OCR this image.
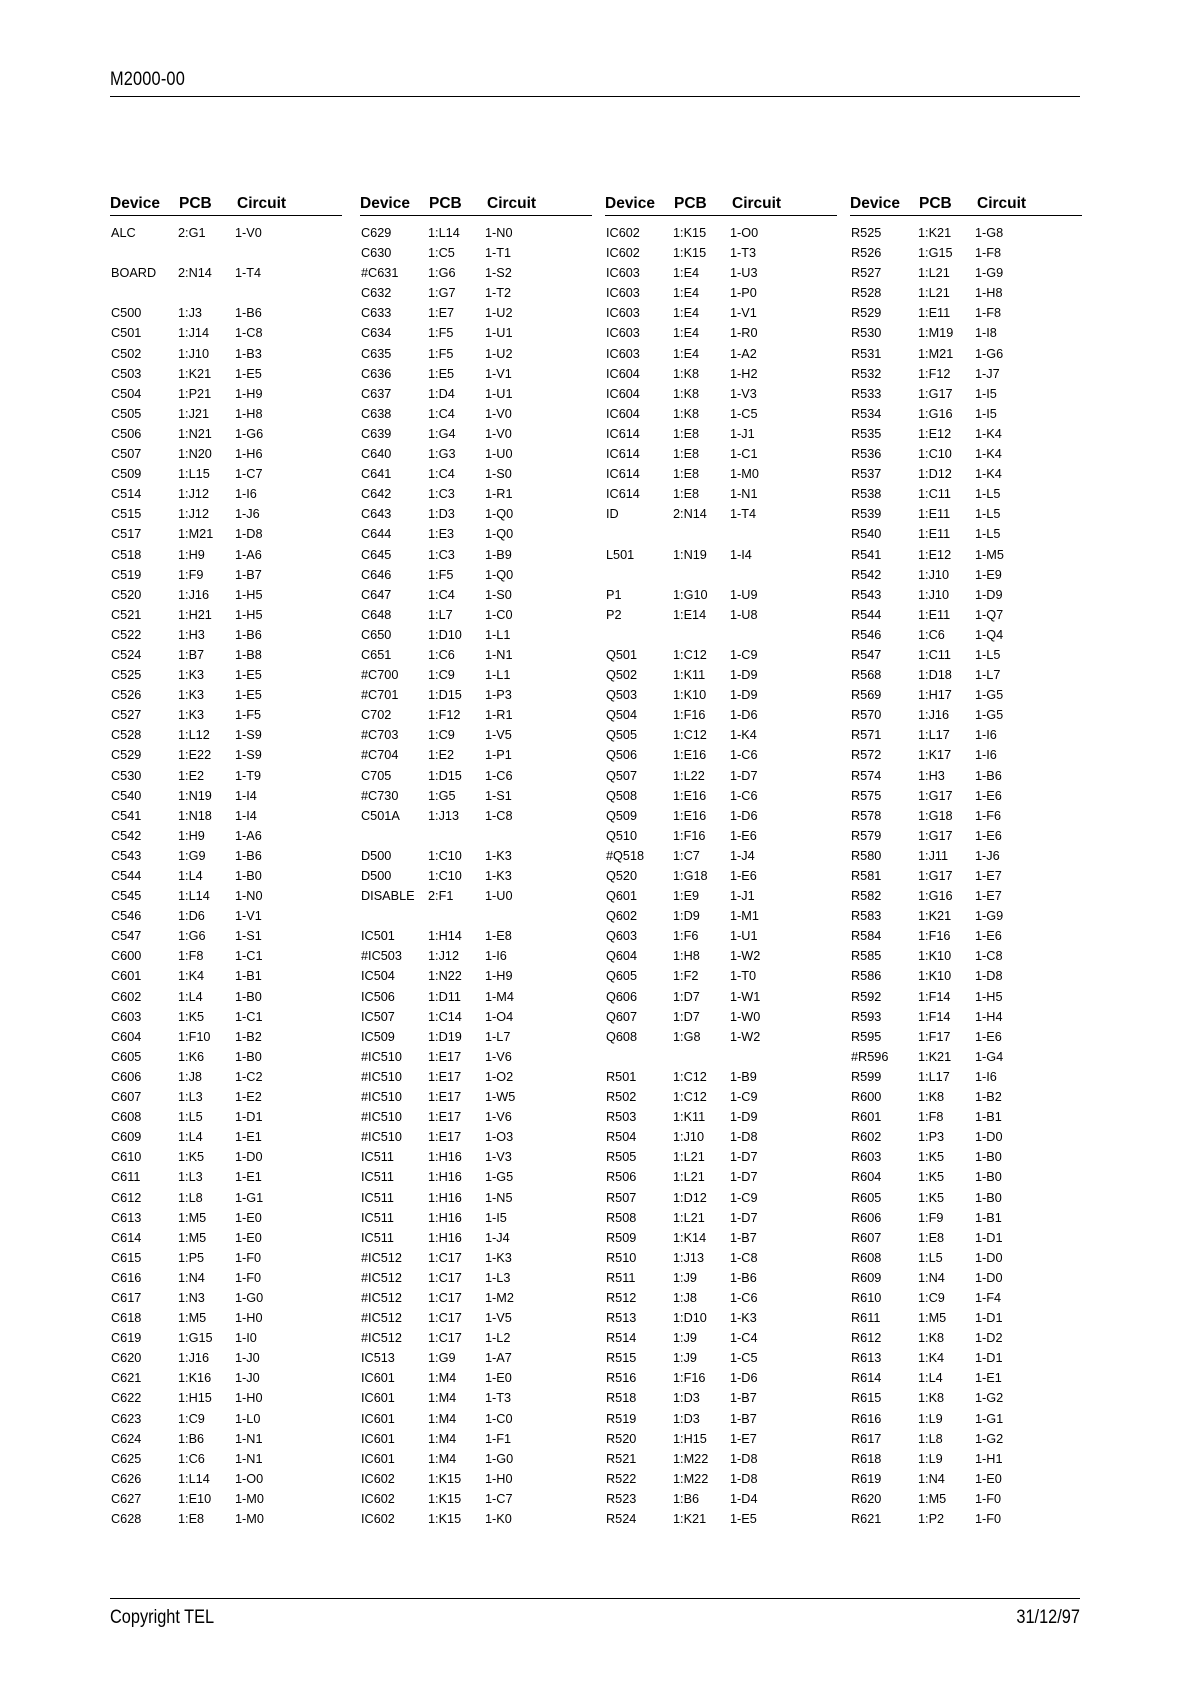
M2000-00
Device PCB Circuit
ALC	2:G1 1-V0
BOARD 2:N14 1-T4
C500	1:J3	1-B6
C501	1:J14 1-C8
C502	1:J10 1-B3
C503	1:K21 1-E5
C504	1:P21 1-H9
C505	1:J21 1-H8
C506	1:N21 1-G6
C507	1:N20 1-H6
C509	1:L15 1-C7
C514	1:J12 1-I6
C515	1:J12 1-J6
C517	1:M21 1-D8
C518	1:H9 1-A6
C519	1:F9 1-B7
C520	1:J16 1-H5
C521	1:H21 1-H5
C522	1:H3 1-B6
C524	1:B7 1-B8
C525	1:K3 1-E5
C526	1:K3 1-E5
C527	1:K3 1-F5
C528	1:L12 1-S9
C529	1:E22 1-S9
C530	1:E2 1-T9
C540	1:N19 1-I4
C541	1:N18 1-I4
C542	1:H9 1-A6
C543	1:G9 1-B6
C544	1:L4	1-B0
C545	1:L14 1-N0
C546	1:D6 1-V1
C547	1:G6 1-S1
C600	1:F8 1-C1
C601	1:K4 1-B1
C602	1:L4	1-B0
C603	1:K5 1-C1
C604	1:F10 1-B2
C605	1:K6 1-B0
C606	1:J8	1-C2
C607	1:L3	1-E2
C608	1:L5	1-D1
C609	1:L4	1-E1
C610	1:K5 1-D0
C611	1:L3	1-E1
C612	1:L8	1-G1
C613	1:M5 1-E0
C614	1:M5 1-E0
C615	1:P5 1-F0
C616	1:N4 1-F0
C617	1:N3 1-G0
C618	1:M5 1-H0
C619	1:G15 1-I0
C620	1:J16 1-J0
C621	1:K16 1-J0
C622	1:H15 1-H0
C623	1:C9 1-L0
C624	1:B6 1-N1
C625	1:C6 1-N1
C626	1:L14 1-O0
C627	1:E10 1-M0
C628	1:E8 1-M0
Device PCB Circuit
C629	1:L14 1-N0
C630	1:C5 1-T1
#C631 1:G6 1-S2
C632	1:G7 1-T2
C633	1:E7 1-U2
C634	1:F5 1-U1
C635	1:F5 1-U2
C636	1:E5 1-V1
C637	1:D4 1-U1
C638	1:C4 1-V0
C639	1:G4 1-V0
C640	1:G3 1-U0
C641	1:C4 1-S0
C642	1:C3 1-R1
C643	1:D3 1-Q0
C644	1:E3 1-Q0
C645	1:C3 1-B9
C646	1:F5 1-Q0
C647	1:C4 1-S0
C648	1:L7	1-C0
C650	1:D10 1-L1
C651	1:C6 1-N1
#C700 1:C9 1-L1
#C701 1:D15 1-P3
C702	1:F12 1-R1
#C703 1:C9 1-V5
#C704 1:E2 1-P1
C705	1:D15 1-C6
#C730 1:G5 1-S1
C501A 1:J13 1-C8
D500	1:C10 1-K3
D500	1:C10 1-K3
DISABLE 2:F1 1-U0
IC501	1:H14 1-E8
#IC503 1:J12 1-I6
IC504	1:N22 1-H9
IC506	1:D11 1-M4
IC507	1:C14 1-O4
IC509	1:D19 1-L7
#IC510 1:E17 1-V6
#IC510 1:E17 1-O2
#IC510 1:E17 1-W5
#IC510 1:E17 1-V6
#IC510 1:E17 1-O3
IC511	1:H16 1-V3
IC511	1:H16 1-G5
IC511	1:H16 1-N5
IC511	1:H16 1-I5
IC511	1:H16 1-J4
#IC512 1:C17 1-K3
#IC512 1:C17 1-L3
#IC512 1:C17 1-M2
#IC512 1:C17 1-V5
#IC512 1:C17 1-L2
IC513	1:G9 1-A7
IC601	1:M4 1-E0
IC601	1:M4 1-T3
IC601	1:M4 1-C0
IC601	1:M4 1-F1
IC601	1:M4 1-G0
IC602	1:K15 1-H0
IC602	1:K15 1-C7
IC602	1:K15 1-K0
Device PCB Circuit
IC602	1:K15 1-O0
IC602	1:K15 1-T3
IC603	1:E4 1-U3
IC603	1:E4 1-P0
IC603	1:E4 1-V1
IC603	1:E4 1-R0
IC603	1:E4 1-A2
IC604	1:K8 1-H2
IC604	1:K8 1-V3
IC604	1:K8 1-C5
IC614	1:E8 1-J1
IC614	1:E8 1-C1
IC614	1:E8 1-M0
IC614	1:E8 1-N1
ID	2:N14 1-T4
L501	1:N19 1-I4
P1	1:G10 1-U9
P2	1:E14 1-U8
Q501	1:C12 1-C9
Q502	1:K11 1-D9
Q503	1:K10 1-D9
Q504	1:F16 1-D6
Q505	1:C12 1-K4
Q506	1:E16 1-C6
Q507	1:L22 1-D7
Q508	1:E16 1-C6
Q509	1:E16 1-D6
Q510	1:F16 1-E6
#Q518 1:C7 1-J4
Q520	1:G18 1-E6
Q601	1:E9 1-J1
Q602	1:D9 1-M1
Q603	1:F6 1-U1
Q604	1:H8 1-W2
Q605	1:F2 1-T0
Q606	1:D7 1-W1
Q607	1:D7 1-W0
Q608	1:G8 1-W2
R501	1:C12 1-B9
R502	1:C12 1-C9
R503	1:K11 1-D9
R504	1:J10 1-D8
R505	1:L21 1-D7
R506	1:L21 1-D7
R507	1:D12 1-C9
R508	1:L21 1-D7
R509	1:K14 1-B7
R510	1:J13 1-C8
R511	1:J9	1-B6
R512	1:J8	1-C6
R513	1:D10 1-K3
R514	1:J9	1-C4
R515	1:J9	1-C5
R516	1:F16 1-D6
R518	1:D3 1-B7
R519	1:D3 1-B7
R520	1:H15 1-E7
R521	1:M22 1-D8
R522	1:M22 1-D8
R523	1:B6 1-D4
R524	1:K21 1-E5
Device PCB Circuit
R525	1:K21 1-G8
R526	1:G15 1-F8
R527	1:L21 1-G9
R528	1:L21 1-H8
R529	1:E11 1-F8
R530	1:M19 1-I8
R531	1:M21 1-G6
R532	1:F12 1-J7
R533	1:G17 1-I5
R534	1:G16 1-I5
R535	1:E12 1-K4
R536	1:C10 1-K4
R537	1:D12 1-K4
R538	1:C11 1-L5
R539	1:E11 1-L5
R540	1:E11 1-L5
R541	1:E12 1-M5
R542	1:J10 1-E9
R543	1:J10 1-D9
R544	1:E11 1-Q7
R546	1:C6 1-Q4
R547	1:C11 1-L5
R568	1:D18 1-L7
R569	1:H17 1-G5
R570	1:J16 1-G5
R571	1:L17 1-I6
R572	1:K17 1-I6
R574	1:H3 1-B6
R575	1:G17 1-E6
R578	1:G18 1-F6
R579	1:G17 1-E6
R580	1:J11 1-J6
R581	1:G17 1-E7
R582	1:G16 1-E7
R583	1:K21 1-G9
R584	1:F16 1-E6
R585	1:K10 1-C8
R586	1:K10 1-D8
R592	1:F14 1-H5
R593	1:F14 1-H4
R595	1:F17 1-E6
#R596 1:K21 1-G4
R599	1:L17 1-I6
R600	1:K8 1-B2
R601	1:F8 1-B1
R602	1:P3 1-D0
R603	1:K5 1-B0
R604	1:K5 1-B0
R605	1:K5 1-B0
R606	1:F9 1-B1
R607	1:E8 1-D1
R608	1:L5	1-D0
R609	1:N4 1-D0
R610	1:C9 1-F4
R611	1:M5 1-D1
R612	1:K8 1-D2
R613	1:K4 1-D1
R614	1:L4	1-E1
R615	1:K8 1-G2
R616	1:L9	1-G1
R617	1:L8	1-G2
R618	1:L9	1-H1
R619	1:N4 1-E0
R620	1:M5 1-F0
R621	1:P2 1-F0
Copyright TEL	31/12/97
